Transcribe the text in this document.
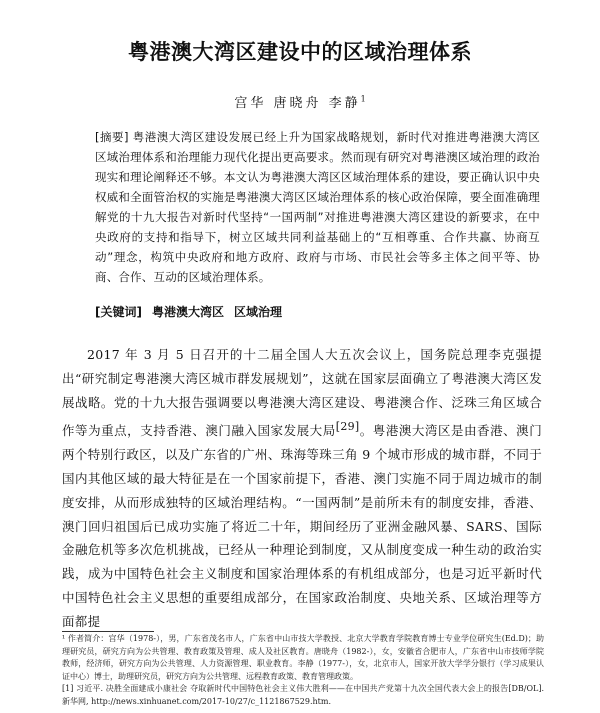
粤港澳大湾区建设中的区域治理体系
宫华 唐晓舟 李静$^1$
[摘要] 粤港澳大湾区建设发展已经上升为国家战略规划，新时代对推进粤港澳大湾区区域治理体系和治理能力现代化提出更高要求。然而现有研究对粤港澳区域治理的政治现实和理论阐释还不够。本文认为粤港澳大湾区区域治理体系的建设，要正确认识中央权威和全面管治权的实施是粤港澳大湾区区域治理体系的核心政治保障，要全面准确理解党的十九大报告对新时代坚持“一国两制”对推进粤港澳大湾区建设的新要求，在中央政府的支持和指导下，树立区域共同利益基础上的“互相尊重、合作共赢、协商互动”理念，构筑中央政府和地方政府、政府与市场、市民社会等多主体之间平等、协商、合作、互动的区域治理体系。
[关键词] 粤港澳大湾区 区域治理
2017 年 3 月 5 日召开的十二届全国人大五次会议上，国务院总理李克强提出“研究制定粤港澳大湾区城市群发展规划”，这就在国家层面确立了粤港澳大湾区发展战略。党的十九大报告强调要以粤港澳大湾区建设、粤港澳合作、泛珠三角区域合作等为重点，支持香港、澳门融入国家发展大局[29]。粤港澳大湾区是由香港、澳门两个特别行政区，以及广东省的广州、珠海等珠三角 9 个城市形成的城市群，不同于国内其他区域的最大特征是在一个国家前提下，香港、澳门实施不同于周边城市的制度安排，从而形成独特的区域治理结构。“一国两制”是前所未有的制度安排，香港、澳门回归祖国后已成功实施了将近二十年，期间经历了亚洲金融风暴、SARS、国际金融危机等多次危机挑战，已经从一种理论到制度，又从制度变成一种生动的政治实践，成为中国特色社会主义制度和国家治理体系的有机组成部分，也是习近平新时代中国特色社会主义思想的重要组成部分，在国家政治制度、央地关系、区域治理等方面都提

¹ 作者简介：宫华（1978-），男，广东省茂名市人，广东省中山市技大学教授、北京大学教育学院教育博士专业学位研究生(Ed.D)；助理研究员，研究方向为公共管理、教育政策及管理、成人及社区教育。唐晓舟（1982-），女，安徽省合肥市人，广东省中山市技师学院教师，经济师，研究方向为公共管理、人力资源管理、职业教育。李静（1977-），女，北京市人，国家开放大学学分银行（学习成果认证中心）博士，助理研究员，研究方向为公共管理、远程教育政策、教育管理政策。

[1] 习近平. 决胜全面建成小康社会 夺取新时代中国特色社会主义伟大胜利——在中国共产党第十九次全国代表大会上的报告[DB/OL]. 新华网, http://news.xinhuanet.com/2017-10/27/c_1121867529.htm.
